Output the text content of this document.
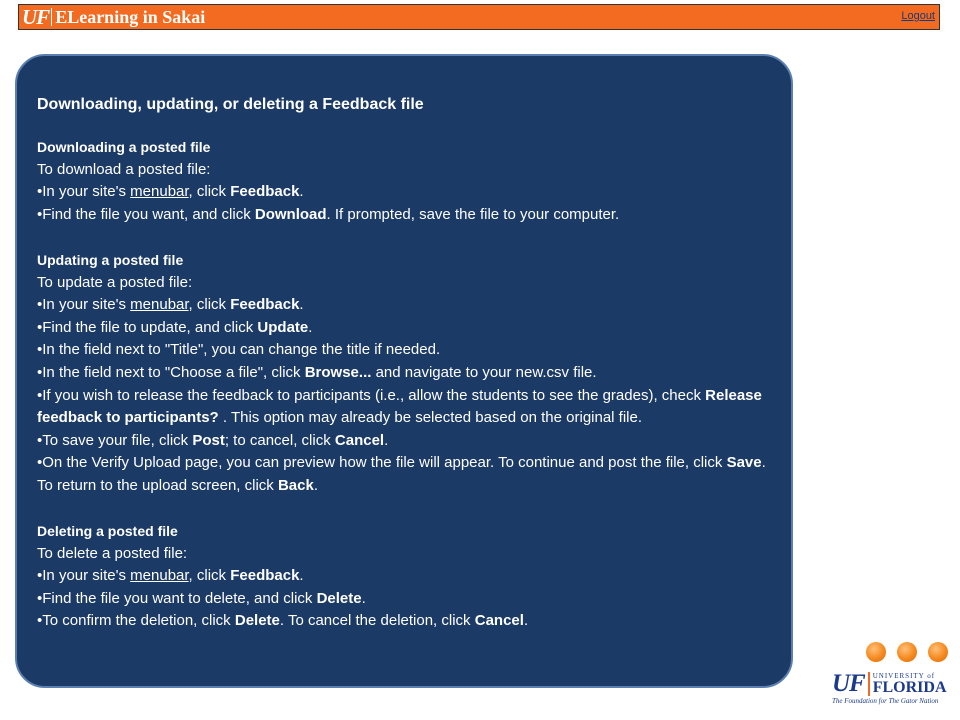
UF ELearning in Sakai	Logout
Downloading, updating, or deleting a Feedback file
Downloading a posted file
To download a posted file:
•In your site's menubar, click Feedback.
•Find the file you want, and click Download. If prompted, save the file to your computer.
Updating a posted file
To update a posted file:
•In your site's menubar, click Feedback.
•Find the file to update, and click Update.
•In the field next to "Title", you can change the title if needed.
•In the field next to "Choose a file", click Browse... and navigate to your new.csv file.
•If you wish to release the feedback to participants (i.e., allow the students to see the grades), check Release feedback to participants? . This option may already be selected based on the original file.
•To save your file, click Post; to cancel, click Cancel.
•On the Verify Upload page, you can preview how the file will appear. To continue and post the file, click Save. To return to the upload screen, click Back.
Deleting a posted file
To delete a posted file:
•In your site's menubar, click Feedback.
•Find the file you want to delete, and click Delete.
•To confirm the deletion, click Delete. To cancel the deletion, click Cancel.
UF UNIVERSITY of
FLORIDA
The Foundation for The Gator Nation
